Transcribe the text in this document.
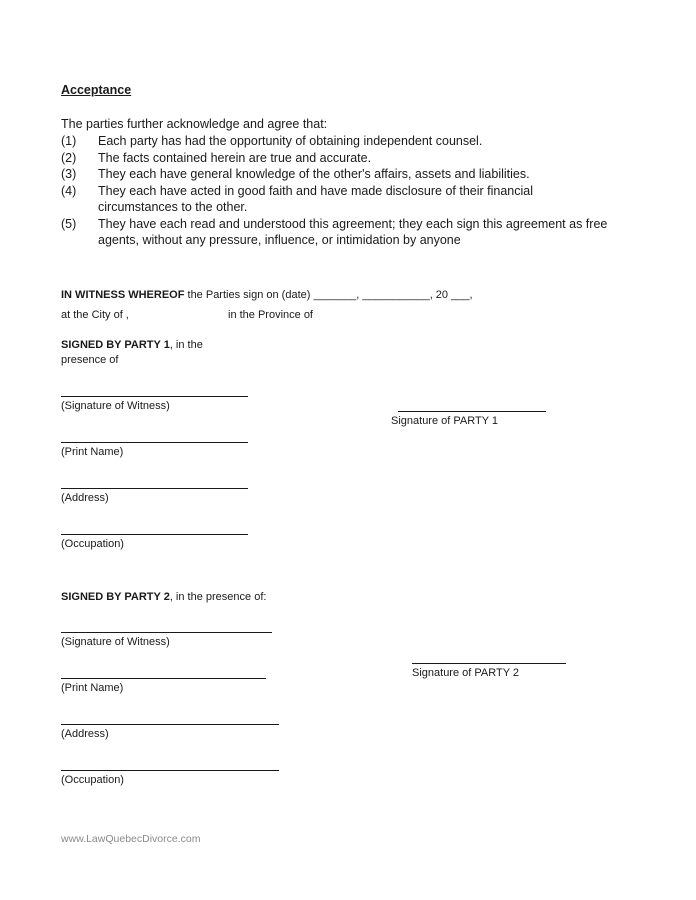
Acceptance
The parties further acknowledge and agree that:
(1) Each party has had the opportunity of obtaining independent counsel.
(2) The facts contained herein are true and accurate.
(3) They each have general knowledge of the other's affairs, assets and liabilities.
(4) They each have acted in good faith and have made disclosure of their financial
circumstances to the other.
(5) They have each read and understood this agreement; they each sign this agreement as free
agents, without any pressure, influence, or intimidation by anyone
IN WITNESS WHEREOF the Parties sign on (date) _______, ___________, 20 ___,
at the City of ,	in the Province of
SIGNED BY PARTY 1, in the
presence of
(Signature of Witness)
Signature of PARTY 1
(Print Name)
(Address)
(Occupation)
SIGNED BY PARTY 2, in the presence of:
(Signature of Witness)
Signature of PARTY 2
(Print Name)
(Address)
(Occupation)
www.LawQuebecDivorce.com
